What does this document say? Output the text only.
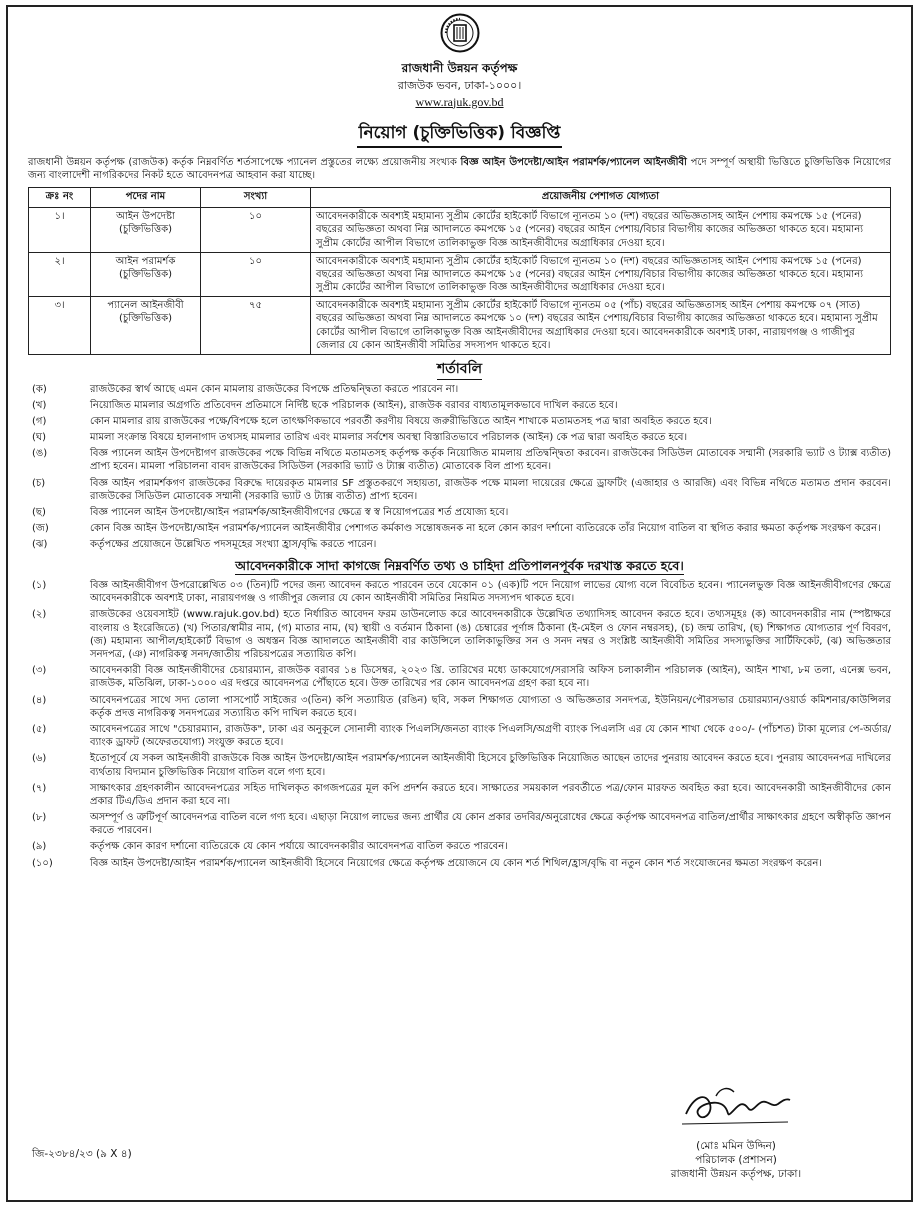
রাজধানী উন্নয়ন কর্তৃপক্ষ
রাজউক ভবন, ঢাকা-১০০০।
www.rajuk.gov.bd
নিয়োগ (চুক্তিভিত্তিক) বিজ্ঞপ্তি

রাজধানী উন্নয়ন কর্তৃপক্ষ (রাজউক) কর্তৃক নিম্নবর্ণিত শর্তসাপেক্ষে প্যানেল প্রস্তুতের লক্ষ্যে প্রয়োজনীয় সংখ্যক বিজ্ঞ আইন উপদেষ্টা/আইন পরামর্শক/প্যানেল আইনজীবী পদে সম্পূর্ণ অস্থায়ী ভিত্তিতে চুক্তিভিত্তিক নিয়োগের জন্য বাংলাদেশী নাগরিকদের নিকট হতে আবেদনপত্র আহবান করা যাচ্ছে।

ক্রঃ নং	পদের নাম	সংখ্যা	প্রয়োজনীয় পেশাগত যোগ্যতা
১।	আইন উপদেষ্টা (চুক্তিভিত্তিক)	১০	আবেদনকারীকে অবশ্যই মহামান্য সুপ্রীম কোর্টের হাইকোর্ট বিভাগে ন্যূনতম ১০ (দশ) বছরের অভিজ্ঞতাসহ আইন পেশায় কমপক্ষে ১৫ (পনের) বছরের অভিজ্ঞতা অথবা নিম্ন আদালতে কমপক্ষে ১৫ (পনের) বছরের আইন পেশায়/বিচার বিভাগীয় কাজের অভিজ্ঞতা থাকতে হবে। মহামান্য সুপ্রীম কোর্টের আপীল বিভাগে তালিকাভুক্ত বিজ্ঞ আইনজীবীদের অগ্রাধিকার দেওয়া হবে।
২।	আইন পরামর্শক (চুক্তিভিত্তিক)	১০	আবেদনকারীকে অবশ্যই মহামান্য সুপ্রীম কোর্টের হাইকোর্ট বিভাগে ন্যূনতম ১০ (দশ) বছরের অভিজ্ঞতাসহ আইন পেশায় কমপক্ষে ১৫ (পনের) বছরের অভিজ্ঞতা অথবা নিম্ন আদালতে কমপক্ষে ১৫ (পনের) বছরের আইন পেশায়/বিচার বিভাগীয় কাজের অভিজ্ঞতা থাকতে হবে। মহামান্য সুপ্রীম কোর্টের আপীল বিভাগে তালিকাভুক্ত বিজ্ঞ আইনজীবীদের অগ্রাধিকার দেওয়া হবে।
৩।	প্যানেল আইনজীবী (চুক্তিভিত্তিক)	৭৫	আবেদনকারীকে অবশ্যই মহামান্য সুপ্রীম কোর্টের হাইকোর্ট বিভাগে ন্যূনতম ০৫ (পাঁচ) বছরের অভিজ্ঞতাসহ আইন পেশায় কমপক্ষে ০৭ (সাত) বছরের অভিজ্ঞতা অথবা নিম্ন আদালতে কমপক্ষে ১০ (দশ) বছরের আইন পেশায়/বিচার বিভাগীয় কাজের অভিজ্ঞতা থাকতে হবে। মহামান্য সুপ্রীম কোর্টের আপীল বিভাগে তালিকাভুক্ত বিজ্ঞ আইনজীবীদের অগ্রাধিকার দেওয়া হবে। আবেদনকারীকে অবশ্যই ঢাকা, নারায়ণগঞ্জ ও গাজীপুর জেলার যে কোন আইনজীবী সমিতির সদস্যপদ থাকতে হবে।
শর্তাবলি
(ক)	রাজউকের স্বার্থ আছে এমন কোন মামলায় রাজউকের বিপক্ষে প্রতিদ্বন্দ্বিতা করতে পারবেন না।
(খ)	নিয়োজিত মামলার অগ্রগতি প্রতিবেদন প্রতিমাসে নির্দিষ্ট ছকে পরিচালক (আইন), রাজউক বরাবর বাধ্যতামূলকভাবে দাখিল করতে হবে।
(গ)	কোন মামলার রায় রাজউকের পক্ষে/বিপক্ষে হলে তাৎক্ষণিকভাবে পরবর্তী করণীয় বিষয়ে জরুরীভিত্তিতে আইন শাখাকে মতামতসহ পত্র দ্বারা অবহিত করতে হবে।
(ঘ)	মামলা সংক্রান্ত বিষয়ে হালনাগাদ তথ্যসহ মামলার তারিখ এবং মামলার সর্বশেষ অবস্থা বিস্তারিতভাবে পরিচালক (আইন) কে পত্র দ্বারা অবহিত করতে হবে।
(ঙ)	বিজ্ঞ প্যানেল আইন উপদেষ্টাগণ রাজউকের পক্ষে বিভিন্ন নথিতে মতামতসহ কর্তৃপক্ষ কর্তৃক নিয়োজিত মামলায় প্রতিদ্বন্দ্বিতা করবেন। রাজউকের সিডিউল মোতাবেক সম্মানী (সরকারি ভ্যাট ও ট্যাক্স ব্যতীত) প্রাপ্য হবেন। মামলা পরিচালনা বাবদ রাজউকের সিডিউল (সরকারি ভ্যাট ও ট্যাক্স ব্যতীত) মোতাবেক বিল প্রাপ্য হবেন।
(চ)	বিজ্ঞ আইন পরামর্শকগণ রাজউকের বিরুদ্ধে দায়েরকৃত মামলার SF প্রস্তুতকরণে সহায়তা, রাজউক পক্ষে মামলা দায়েরের ক্ষেত্রে ড্রাফটিং (এজাহার ও আরজি) এবং বিভিন্ন নথিতে মতামত প্রদান করবেন। রাজউকের সিডিউল মোতাবেক সম্মানী (সরকারি ভ্যাট ও ট্যাক্স ব্যতীত) প্রাপ্য হবেন।
(ছ)	বিজ্ঞ প্যানেল আইন উপদেষ্টা/আইন পরামর্শক/আইনজীবীগণের ক্ষেত্রে স্ব স্ব নিয়োগপত্রের শর্ত প্রযোজ্য হবে।
(জ)	কোন বিজ্ঞ আইন উপদেষ্টা/আইন পরামর্শক/প্যানেল আইনজীবীর পেশাগত কর্মকাণ্ড সন্তোষজনক না হলে কোন কারণ দর্শানো ব্যতিরেকে তাঁর নিয়োগ বাতিল বা স্থগিত করার ক্ষমতা কর্তৃপক্ষ সংরক্ষণ করেন।
(ঝ)	কর্তৃপক্ষের প্রয়োজনে উল্লেখিত পদসমূহের সংখ্যা হ্রাস/বৃদ্ধি করতে পারেন।
আবেদনকারীকে সাদা কাগজে নিম্নবর্ণিত তথ্য ও চাহিদা প্রতিপালনপূর্বক দরখাস্ত করতে হবে।
(১)	বিজ্ঞ আইনজীবীগণ উপরোল্লেখিত ০৩ (তিন)টি পদের জন্য আবেদন করতে পারবেন তবে যেকোন ০১ (এক)টি পদে নিয়োগ লাভের যোগ্য বলে বিবেচিত হবেন। প্যানেলভুক্ত বিজ্ঞ আইনজীবীগণের ক্ষেত্রে আবেদনকারীকে অবশ্যই ঢাকা, নারায়ণগঞ্জ ও গাজীপুর জেলার যে কোন আইনজীবী সমিতির নিয়মিত সদস্যপদ থাকতে হবে।
(২)	রাজউকের ওয়েবসাইট (www.rajuk.gov.bd) হতে নির্ধারিত আবেদন ফরম ডাউনলোড করে আবেদনকারীকে উল্লেখিত তথ্যাদিসহ আবেদন করতে হবে। তথ্যসমূহঃ (ক) আবেদনকারীর নাম (স্পষ্টাক্ষরে বাংলায় ও ইংরেজিতে) (খ) পিতার/স্বামীর নাম, (গ) মাতার নাম, (ঘ) স্থায়ী ও বর্তমান ঠিকানা (ঙ) চেম্বারের পূর্ণাঙ্গ ঠিকানা (ই-মেইল ও ফোন নম্বরসহ), (চ) জন্ম তারিখ, (ছ) শিক্ষাগত যোগ্যতার পূর্ণ বিবরণ, (জ) মহামান্য আপীল/হাইকোর্ট বিভাগ ও অধস্তন বিজ্ঞ আদালতে আইনজীবী বার কাউন্সিলে তালিকাভুক্তির সন ও সনদ নম্বর ও সংশ্লিষ্ট আইনজীবী সমিতির সদস্যভুক্তির সার্টিফিকেট, (ঝ) অভিজ্ঞতার সনদপত্র, (ঞ) নাগরিকত্ব সনদ/জাতীয় পরিচয়পত্রের সত্যায়িত কপি।
(৩)	আবেদনকারী বিজ্ঞ আইনজীবীদের চেয়ারম্যান, রাজউক বরাবর ১৪ ডিসেম্বর, ২০২৩ খ্রি. তারিখের মধ্যে ডাকযোগে/সরাসরি অফিস চলাকালীন পরিচালক (আইন), আইন শাখা, ৮ম তলা, এনেক্স ভবন, রাজউক, মতিঝিল, ঢাকা-১০০০ এর দপ্তরে আবেদনপত্র পৌঁছাতে হবে। উক্ত তারিখের পর কোন আবেদনপত্র গ্রহণ করা হবে না।
(৪)	আবেদনপত্রের সাথে সদ্য তোলা পাসপোর্ট সাইজের ৩(তিন) কপি সত্যায়িত (রঙিন) ছবি, সকল শিক্ষাগত যোগ্যতা ও অভিজ্ঞতার সনদপত্র, ইউনিয়ন/পৌরসভার চেয়ারম্যান/ওয়ার্ড কমিশনার/কাউন্সিলর কর্তৃক প্রদত্ত নাগরিকত্ব সনদপত্রের সত্যায়িত কপি দাখিল করতে হবে।
(৫)	আবেদনপত্রের সাথে "চেয়ারম্যান, রাজউক", ঢাকা এর অনুকূলে সোনালী ব্যাংক পিএলসি/জনতা ব্যাংক পিএলসি/অগ্রণী ব্যাংক পিএলসি এর যে কোন শাখা থেকে ৫০০/- (পাঁচশত) টাকা মূল্যের পে-অর্ডার/ব্যাংক ড্রাফট (অফেরতযোগ্য) সংযুক্ত করতে হবে।
(৬)	ইতোপূর্বে যে সকল আইনজীবী রাজউকে বিজ্ঞ আইন উপদেষ্টা/আইন পরামর্শক/প্যানেল আইনজীবী হিসেবে চুক্তিভিত্তিক নিয়োজিত আছেন তাদের পুনরায় আবেদন করতে হবে। পুনরায় আবেদনপত্র দাখিলের ব্যর্থতায় বিদ্যমান চুক্তিভিত্তিক নিয়োগ বাতিল বলে গণ্য হবে।
(৭)	সাক্ষাৎকার গ্রহণকালীন আবেদনপত্রের সহিত দাখিলকৃত কাগজপত্রের মূল কপি প্রদর্শন করতে হবে। সাক্ষাতের সময়কাল পরবর্তীতে পত্র/ফোন মারফত অবহিত করা হবে। আবেদনকারী আইনজীবীদের কোন প্রকার টিএ/ডিএ প্রদান করা হবে না।
(৮)	অসম্পূর্ণ ও ত্রুটিপূর্ণ আবেদনপত্র বাতিল বলে গণ্য হবে। এছাড়া নিয়োগ লাভের জন্য প্রার্থীর যে কোন প্রকার তদবির/অনুরোধের ক্ষেত্রে কর্তৃপক্ষ আবেদনপত্র বাতিল/প্রার্থীর সাক্ষাৎকার গ্রহণে অস্বীকৃতি জ্ঞাপন করতে পারবেন।
(৯)	কর্তৃপক্ষ কোন কারণ দর্শানো ব্যতিরেকে যে কোন পর্যায়ে আবেদনকারীর আবেদনপত্র বাতিল করতে পারবেন।
(১০)	বিজ্ঞ আইন উপদেষ্টা/আইন পরামর্শক/প্যানেল আইনজীবী হিসেবে নিয়োগের ক্ষেত্রে কর্তৃপক্ষ প্রয়োজনে যে কোন শর্ত শিথিল/হ্রাস/বৃদ্ধি বা নতুন কোন শর্ত সংযোজনের ক্ষমতা সংরক্ষণ করেন।
জি-২৩৮৪/২৩ (৯ X ৪)
(মোঃ মমিন উদ্দিন)
পরিচালক (প্রশাসন)
রাজধানী উন্নয়ন কর্তৃপক্ষ, ঢাকা।
